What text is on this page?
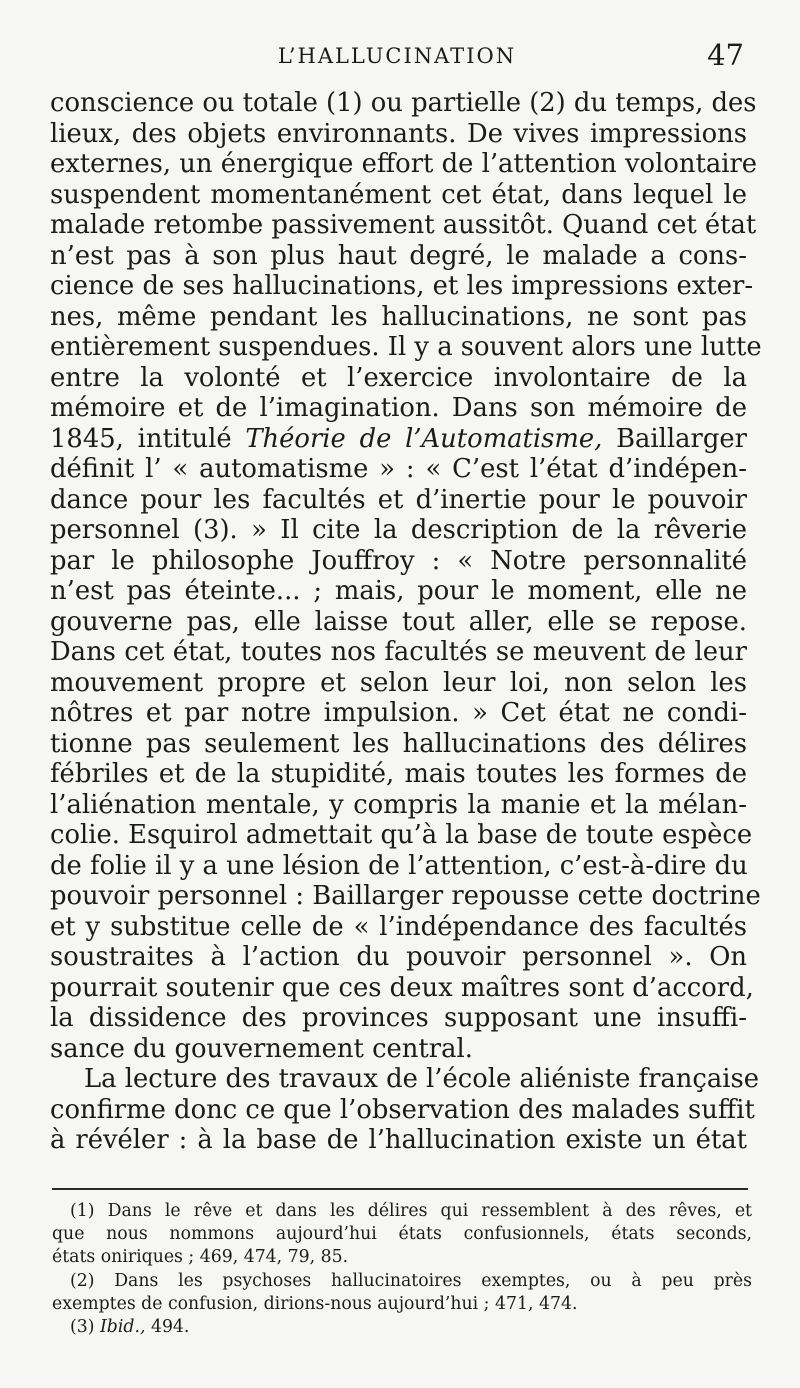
L’HALLUCINATION	47

conscience ou totale (1) ou partielle (2) du temps, des
lieux, des objets environnants. De vives impressions
externes, un énergique effort de l’attention volontaire
suspendent momentanément cet état, dans lequel le
malade retombe passivement aussitôt. Quand cet état
n’est pas à son plus haut degré, le malade a cons-
cience de ses hallucinations, et les impressions exter-
nes, même pendant les hallucinations, ne sont pas
entièrement suspendues. Il y a souvent alors une lutte
entre la volonté et l’exercice involontaire de la
mémoire et de l’imagination. Dans son mémoire de
1845, intitulé Théorie de l’Automatisme, Baillarger
définit l’ « automatisme » : « C’est l’état d’indépen-
dance pour les facultés et d’inertie pour le pouvoir
personnel (3). » Il cite la description de la rêverie
par le philosophe Jouffroy : « Notre personnalité
n’est pas éteinte... ; mais, pour le moment, elle ne
gouverne pas, elle laisse tout aller, elle se repose.
Dans cet état, toutes nos facultés se meuvent de leur
mouvement propre et selon leur loi, non selon les
nôtres et par notre impulsion. » Cet état ne condi-
tionne pas seulement les hallucinations des délires
fébriles et de la stupidité, mais toutes les formes de
l’aliénation mentale, y compris la manie et la mélan-
colie. Esquirol admettait qu’à la base de toute espèce
de folie il y a une lésion de l’attention, c’est-à-dire du
pouvoir personnel : Baillarger repousse cette doctrine
et y substitue celle de « l’indépendance des facultés
soustraites à l’action du pouvoir personnel ». On
pourrait soutenir que ces deux maîtres sont d’accord,
la dissidence des provinces supposant une insuffi-
sance du gouvernement central.

La lecture des travaux de l’école aliéniste française
confirme donc ce que l’observation des malades suffit
à révéler : à la base de l’hallucination existe un état

(1) Dans le rêve et dans les délires qui ressemblent à des rêves, et
que nous nommons aujourd’hui états confusionnels, états seconds,
états oniriques ; 469, 474, 79, 85.
(2) Dans les psychoses hallucinatoires exemptes, ou à peu près
exemptes de confusion, dirions-nous aujourd’hui ; 471, 474.
(3) Ibid., 494.
